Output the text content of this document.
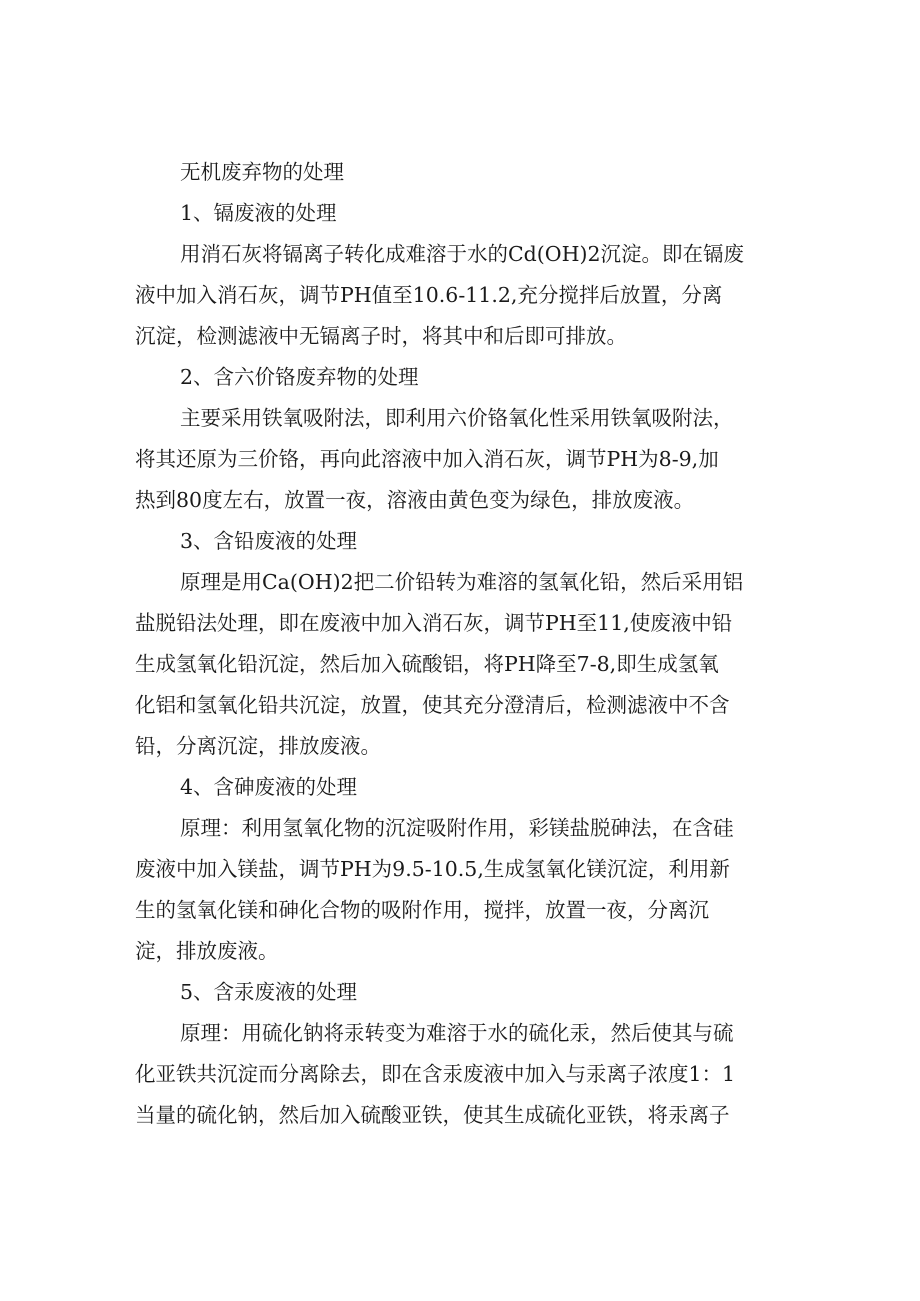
无机废弃物的处理
1、镉废液的处理
用消石灰将镉离子转化成难溶于水的Cd(OH)2沉淀。即在镉废
液中加入消石灰，调节PH值至10.6-11.2,充分搅拌后放置，分离
沉淀，检测滤液中无镉离子时，将其中和后即可排放。
2、含六价铬废弃物的处理
主要采用铁氧吸附法，即利用六价铬氧化性采用铁氧吸附法，
将其还原为三价铬，再向此溶液中加入消石灰，调节PH为8-9,加
热到80度左右，放置一夜，溶液由黄色变为绿色，排放废液。
3、含铅废液的处理
原理是用Ca(OH)2把二价铅转为难溶的氢氧化铅，然后采用铝
盐脱铅法处理，即在废液中加入消石灰，调节PH至11,使废液中铅
生成氢氧化铅沉淀，然后加入硫酸铝，将PH降至7-8,即生成氢氧
化铝和氢氧化铅共沉淀，放置，使其充分澄清后，检测滤液中不含
铅，分离沉淀，排放废液。
4、含砷废液的处理
原理：利用氢氧化物的沉淀吸附作用，彩镁盐脱砷法，在含硅
废液中加入镁盐，调节PH为9.5-10.5,生成氢氧化镁沉淀，利用新
生的氢氧化镁和砷化合物的吸附作用，搅拌，放置一夜，分离沉
淀，排放废液。
5、含汞废液的处理
原理：用硫化钠将汞转变为难溶于水的硫化汞，然后使其与硫
化亚铁共沉淀而分离除去，即在含汞废液中加入与汞离子浓度1：1
当量的硫化钠，然后加入硫酸亚铁，使其生成硫化亚铁，将汞离子
